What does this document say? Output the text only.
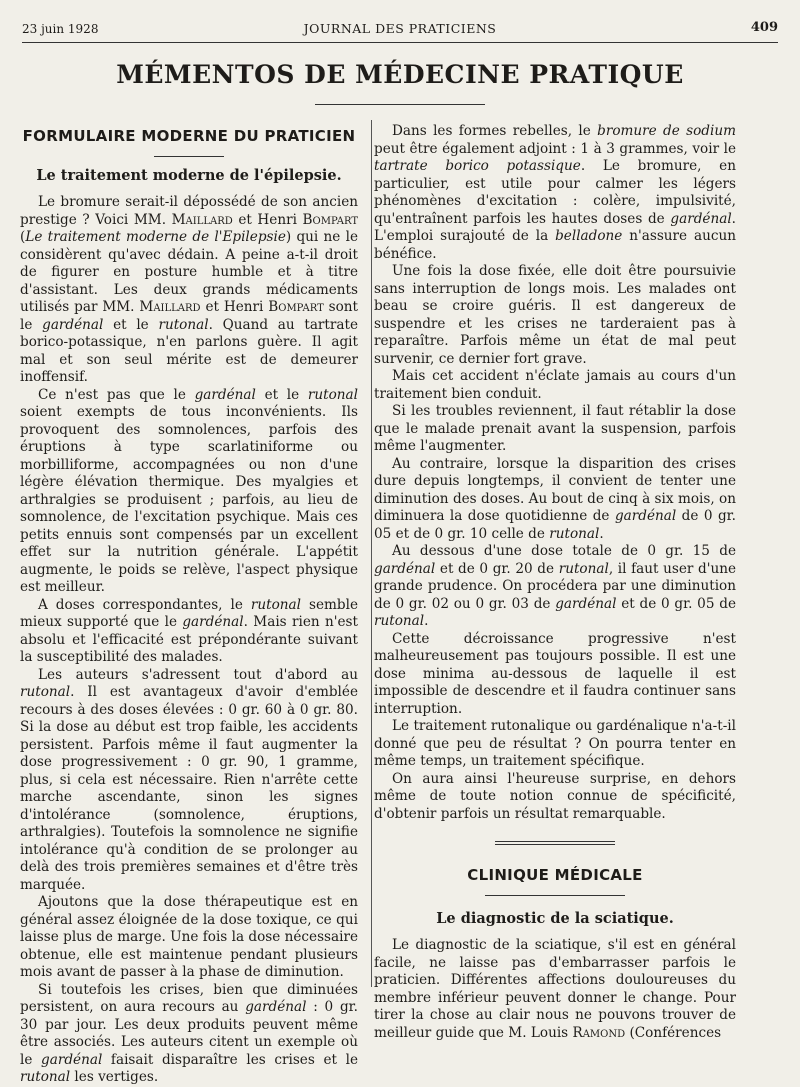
23 juin 1928	JOURNAL DES PRATICIENS	409
MÉMENTOS DE MÉDECINE PRATIQUE
FORMULAIRE MODERNE DU PRATICIEN
Le traitement moderne de l'épilepsie.

Le bromure serait-il dépossédé de son ancien prestige ? Voici MM. Maillard et Henri Bompart (Le traitement moderne de l'Epilepsie) qui ne le considèrent qu'avec dédain. A peine a-t-il droit de figurer en posture humble et à titre d'assistant. Les deux grands médicaments utilisés par MM. Maillard et Henri Bompart sont le gardénal et le rutonal. Quand au tartrate borico-potassique, n'en parlons guère. Il agit mal et son seul mérite est de demeurer inoffensif.

Ce n'est pas que le gardénal et le rutonal soient exempts de tous inconvénients. Ils provoquent des somnolences, parfois des éruptions à type scarlatiniforme ou morbilliforme, accompagnées ou non d'une légère élévation thermique. Des myalgies et arthralgies se produisent ; parfois, au lieu de somnolence, de l'excitation psychique. Mais ces petits ennuis sont compensés par un excellent effet sur la nutrition générale. L'appétit augmente, le poids se relève, l'aspect physique est meilleur.

A doses correspondantes, le rutonal semble mieux supporté que le gardénal. Mais rien n'est absolu et l'efficacité est prépondérante suivant la susceptibilité des malades.

Les auteurs s'adressent tout d'abord au rutonal. Il est avantageux d'avoir d'emblée recours à des doses élevées : 0 gr. 60 à 0 gr. 80. Si la dose au début est trop faible, les accidents persistent. Parfois même il faut augmenter la dose progressivement : 0 gr. 90, 1 gramme, plus, si cela est nécessaire. Rien n'arrête cette marche ascendante, sinon les signes d'intolérance (somnolence, éruptions, arthralgies). Toutefois la somnolence ne signifie intolérance qu'à condition de se prolonger au delà des trois premières semaines et d'être très marquée.

Ajoutons que la dose thérapeutique est en général assez éloignée de la dose toxique, ce qui laisse plus de marge. Une fois la dose nécessaire obtenue, elle est maintenue pendant plusieurs mois avant de passer à la phase de diminution.

Si toutefois les crises, bien que diminuées persistent, on aura recours au gardénal : 0 gr. 30 par jour. Les deux produits peuvent même être associés. Les auteurs citent un exemple où le gardénal faisait disparaître les crises et le rutonal les vertiges.

Dans les formes rebelles, le bromure de sodium peut être également adjoint : 1 à 3 grammes, voir le tartrate borico potassique. Le bromure, en particulier, est utile pour calmer les légers phénomènes d'excitation : colère, impulsivité, qu'entraînent parfois les hautes doses de gardénal. L'emploi surajouté de la belladone n'assure aucun bénéfice.

Une fois la dose fixée, elle doit être poursuivie sans interruption de longs mois. Les malades ont beau se croire guéris. Il est dangereux de suspendre et les crises ne tarderaient pas à reparaître. Parfois même un état de mal peut survenir, ce dernier fort grave.

Mais cet accident n'éclate jamais au cours d'un traitement bien conduit.

Si les troubles reviennent, il faut rétablir la dose que le malade prenait avant la suspension, parfois même l'augmenter.

Au contraire, lorsque la disparition des crises dure depuis longtemps, il convient de tenter une diminution des doses. Au bout de cinq à six mois, on diminuera la dose quotidienne de gardénal de 0 gr. 05 et de 0 gr. 10 celle de rutonal.

Au dessous d'une dose totale de 0 gr. 15 de gardénal et de 0 gr. 20 de rutonal, il faut user d'une grande prudence. On procédera par une diminution de 0 gr. 02 ou 0 gr. 03 de gardénal et de 0 gr. 05 de rutonal.

Cette décroissance progressive n'est malheureusement pas toujours possible. Il est une dose minima au-dessous de laquelle il est impossible de descendre et il faudra continuer sans interruption.

Le traitement rutonalique ou gardénalique n'a-t-il donné que peu de résultat ? On pourra tenter en même temps, un traitement spécifique.

On aura ainsi l'heureuse surprise, en dehors même de toute notion connue de spécificité, d'obtenir parfois un résultat remarquable.

CLINIQUE MÉDICALE
Le diagnostic de la sciatique.

Le diagnostic de la sciatique, s'il est en général facile, ne laisse pas d'embarrasser parfois le praticien. Différentes affections douloureuses du membre inférieur peuvent donner le change. Pour tirer la chose au clair nous ne pouvons trouver de meilleur guide que M. Louis Ramond (Conférences
